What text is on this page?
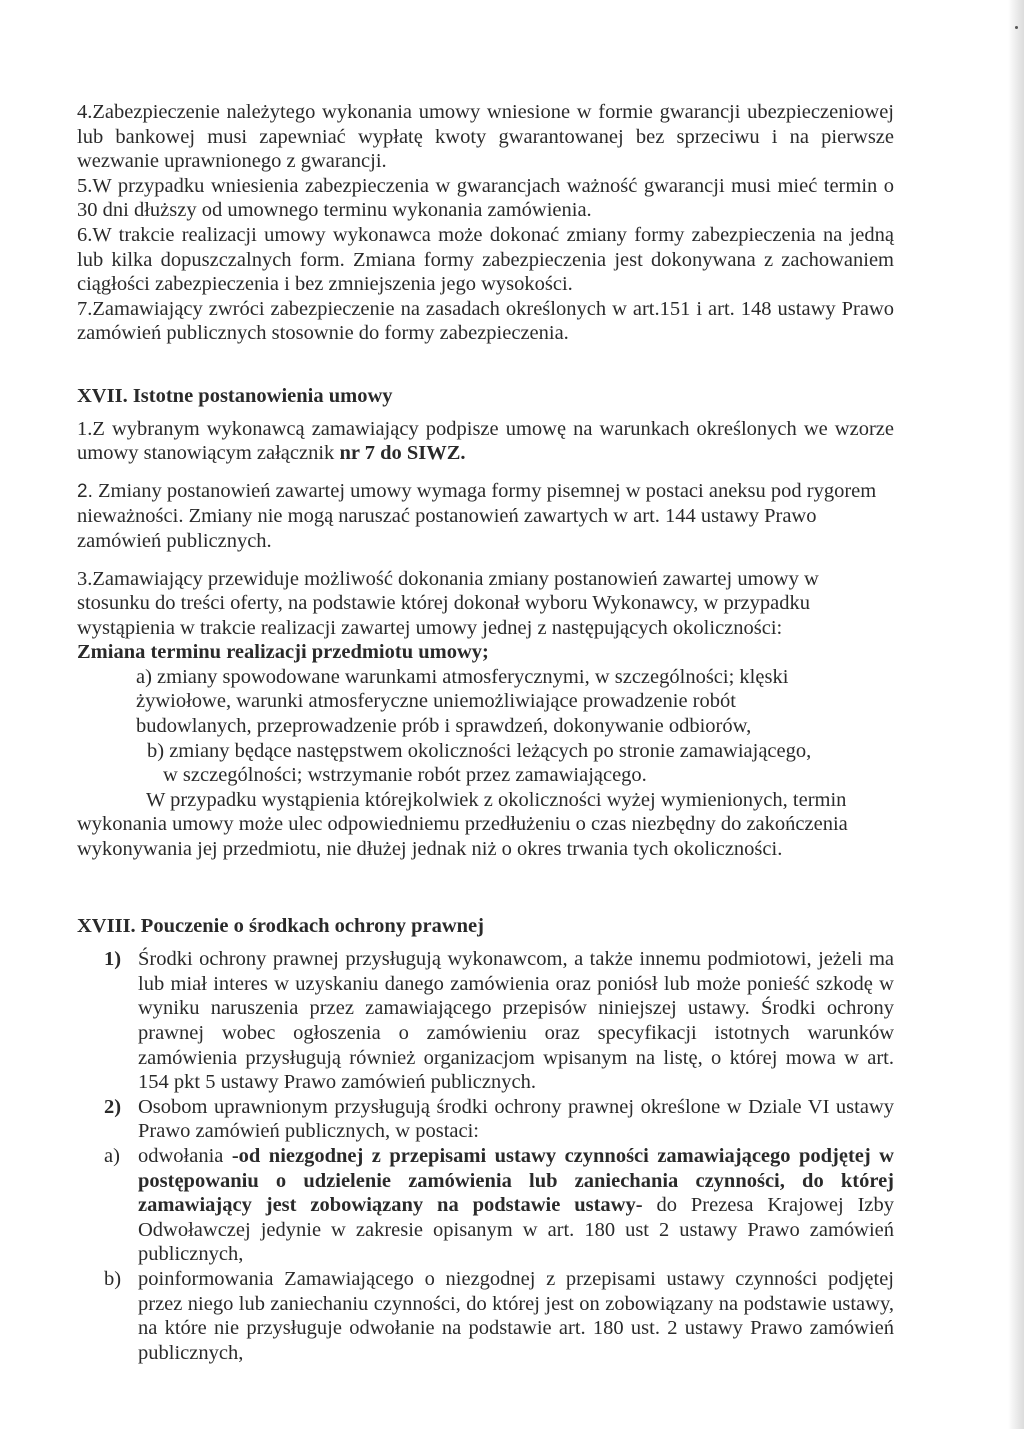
4.Zabezpieczenie należytego wykonania umowy wniesione w formie gwarancji ubezpieczeniowej lub bankowej musi zapewniać wypłatę kwoty gwarantowanej bez sprzeciwu i na pierwsze wezwanie uprawnionego z gwarancji.

5.W przypadku wniesienia zabezpieczenia w gwarancjach ważność gwarancji musi mieć termin o 30 dni dłuższy od umownego terminu wykonania zamówienia.

6.W trakcie realizacji umowy wykonawca może dokonać zmiany formy zabezpieczenia na jedną lub kilka dopuszczalnych form. Zmiana formy zabezpieczenia jest dokonywana z zachowaniem ciągłości zabezpieczenia i bez zmniejszenia jego wysokości.

7.Zamawiający zwróci zabezpieczenie na zasadach określonych w art.151 i art. 148 ustawy Prawo zamówień publicznych stosownie do formy zabezpieczenia.

XVII. Istotne postanowienia umowy

1.Z wybranym wykonawcą zamawiający podpisze umowę na warunkach określonych we wzorze umowy stanowiącym załącznik nr 7 do SIWZ.

2. Zmiany postanowień zawartej umowy wymaga formy pisemnej w postaci aneksu pod rygorem nieważności. Zmiany nie mogą naruszać postanowień zawartych w art. 144 ustawy Prawo zamówień publicznych.

3.Zamawiający przewiduje możliwość dokonania zmiany postanowień zawartej umowy w stosunku do treści oferty, na podstawie której dokonał wyboru Wykonawcy, w przypadku wystąpienia w trakcie realizacji zawartej umowy jednej z następujących okoliczności:

Zmiana terminu realizacji przedmiotu umowy;

a) zmiany spowodowane warunkami atmosferycznymi, w szczególności; klęski

żywiołowe, warunki atmosferyczne uniemożliwiające prowadzenie robót

budowlanych, przeprowadzenie prób i sprawdzeń, dokonywanie odbiorów,

b) zmiany będące następstwem okoliczności leżących po stronie zamawiającego,

w szczególności; wstrzymanie robót przez zamawiającego.

W przypadku wystąpienia którejkolwiek z okoliczności wyżej wymienionych, termin

wykonania umowy może ulec odpowiedniemu przedłużeniu o czas niezbędny do zakończenia wykonywania jej przedmiotu, nie dłużej jednak niż o okres trwania tych okoliczności.

XVIII. Pouczenie o środkach ochrony prawnej
1) Środki ochrony prawnej przysługują wykonawcom, a także innemu podmiotowi, jeżeli ma lub miał interes w uzyskaniu danego zamówienia oraz poniósł lub może ponieść szkodę w wyniku naruszenia przez zamawiającego przepisów niniejszej ustawy. Środki ochrony prawnej wobec ogłoszenia o zamówieniu oraz specyfikacji istotnych warunków zamówienia przysługują również organizacjom wpisanym na listę, o której mowa w art. 154 pkt 5 ustawy Prawo zamówień publicznych.
2) Osobom uprawnionym przysługują środki ochrony prawnej określone w Dziale VI ustawy Prawo zamówień publicznych, w postaci:
a) odwołania -od niezgodnej z przepisami ustawy czynności zamawiającego podjętej w postępowaniu o udzielenie zamówienia lub zaniechania czynności, do której zamawiający jest zobowiązany na podstawie ustawy- do Prezesa Krajowej Izby Odwoławczej jedynie w zakresie opisanym w art. 180 ust 2 ustawy Prawo zamówień publicznych,
b) poinformowania Zamawiającego o niezgodnej z przepisami ustawy czynności podjętej przez niego lub zaniechaniu czynności, do której jest on zobowiązany na podstawie ustawy, na które nie przysługuje odwołanie na podstawie art. 180 ust. 2 ustawy Prawo zamówień publicznych,
